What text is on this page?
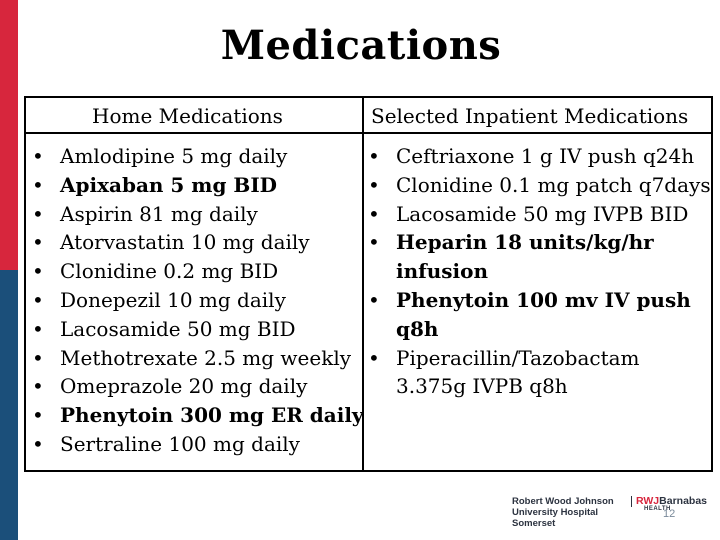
Medications
Home Medications	Selected Inpatient Medications
• Amlodipine 5 mg daily
• Apixaban 5 mg BID
• Aspirin 81 mg daily
• Atorvastatin 10 mg daily
• Clonidine 0.2 mg BID
• Donepezil 10 mg daily
• Lacosamide 50 mg BID
• Methotrexate 2.5 mg weekly
• Omeprazole 20 mg daily
• Phenytoin 300 mg ER daily
• Sertraline 100 mg daily
• Ceftriaxone 1 g IV push q24h
• Clonidine 0.1 mg patch q7days
• Lacosamide 50 mg IVPB BID
• Heparin 18 units/kg/hr
infusion
• Phenytoin 100 mv IV push
q8h
• Piperacillin/Tazobactam
3.375g IVPB q8h
Robert Wood Johnson
University Hospital
Somerset
RWJBarnabas
HEALTH
12
